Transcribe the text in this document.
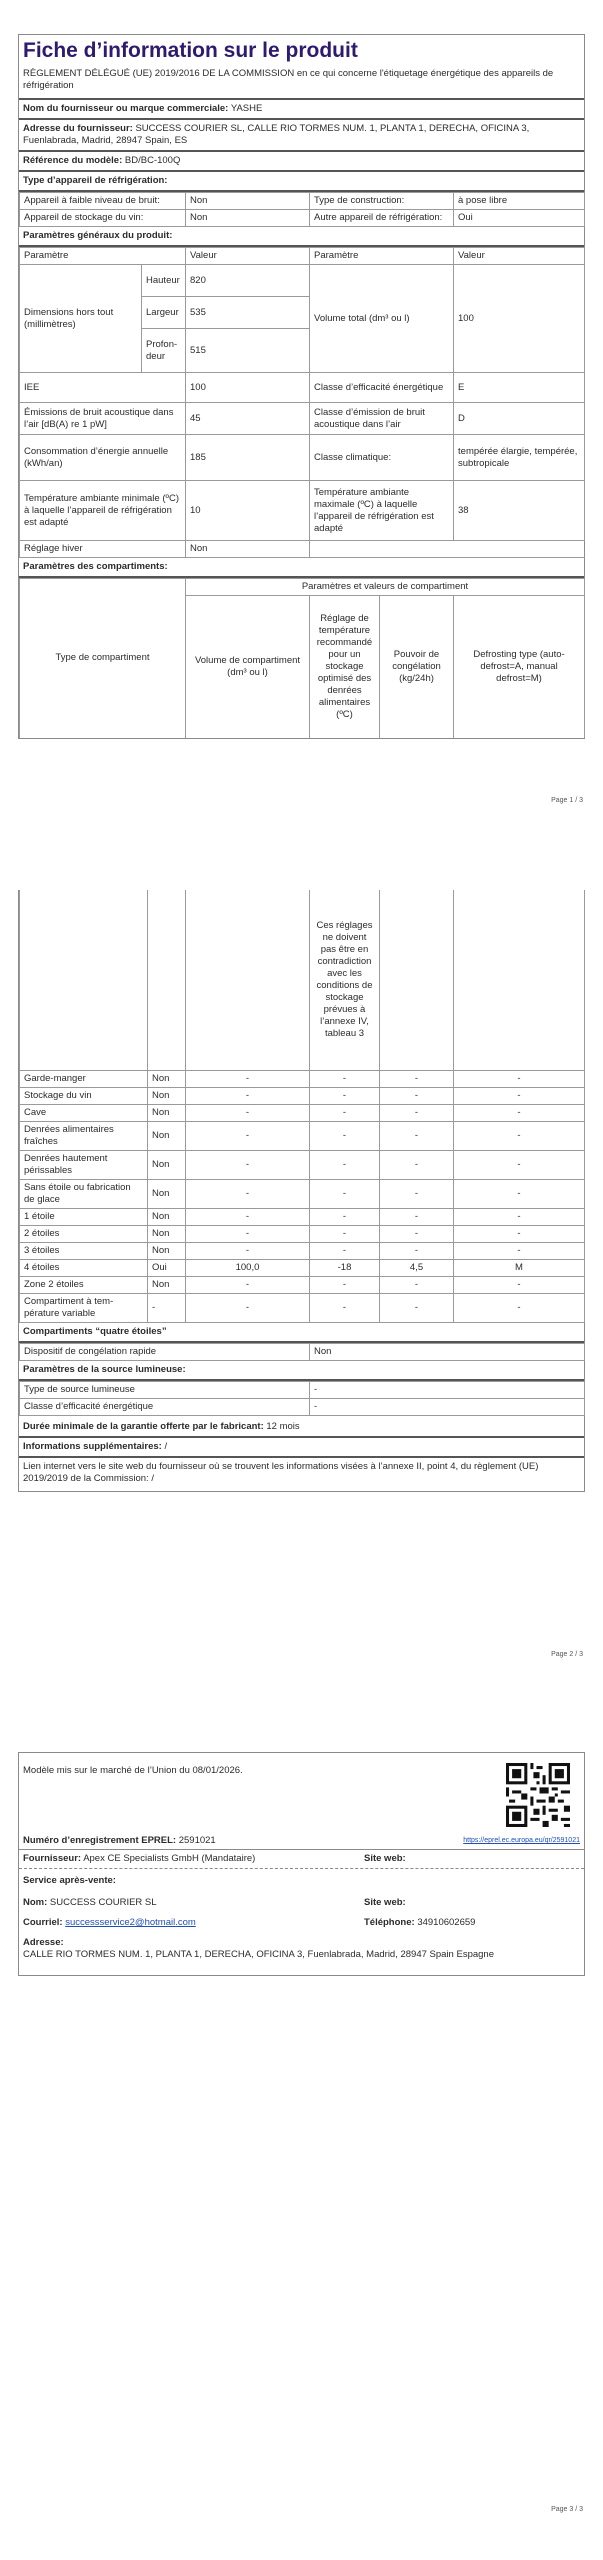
Fiche d’information sur le produit
RÈGLEMENT DÉLÉGUÉ (UE) 2019/2016 DE LA COMMISSION en ce qui concerne l'étiquetage énergétique des appareils de réfrigération
Nom du fournisseur ou marque commerciale: YASHE
Adresse du fournisseur: SUCCESS COURIER SL, CALLE RIO TORMES NUM. 1, PLANTA 1, DERECHA, OFICINA 3, Fuenlabrada, Madrid, 28947 Spain, ES
Référence du modèle: BD/BC-100Q
Type d’appareil de réfrigération:
Appareil à faible niveau de bruit:	Non	Type de construction:	à pose libre
Appareil de stockage du vin:	Non	Autre appareil de réfrigération:	Oui
Paramètres généraux du produit:
Paramètre		Valeur	Paramètre	Valeur
Dimensions hors tout (millimètres)	Hauteur	820	Volume total (dm³ ou l)	100
	Largeur	535		
	Profondeur	515		
IEE		100	Classe d’efficacité énergétique	E
Émissions de bruit acoustique dans l’air [dB(A) re 1 pW]		45	Classe d’émission de bruit acoustique dans l’air	D
Consommation d’énergie annuelle (kWh/an)		185	Classe climatique:	tempérée élargie, tempérée, subtropicale
Température ambiante minimale (ºC) à laquelle l’appareil de réfrigération est adapté		10	Température ambiante maximale (ºC) à laquelle l’appareil de réfrigération est adapté	38
Réglage hiver		Non		
Paramètres des compartiments:
Type de compartiment	Paramètres et valeurs de compartiment			
	Volume de compartiment (dm³ ou l)	Réglage de température recommandé pour un stockage optimisé des denrées alimentaires (ºC)	Pouvoir de congélation (kg/24h)	Defrosting type (auto-defrost=A, manual defrost=M)
Page 1 / 3
			Ces réglages ne doivent pas être en contradiction avec les conditions de stockage prévues à l’annexe IV, tableau 3		
Garde-manger	Non	-	-	-	-
Stockage du vin	Non	-	-	-	-
Cave	Non	-	-	-	-
Denrées alimentaires fraîches	Non	-	-	-	-
Denrées hautement périssables	Non	-	-	-	-
Sans étoile ou fabrication de glace	Non	-	-	-	-
1 étoile	Non	-	-	-	-
2 étoiles	Non	-	-	-	-
3 étoiles	Non	-	-	-	-
4 étoiles	Oui	100,0	-18	4,5	M
Zone 2 étoiles	Non	-	-	-	-
Compartiment à température variable	-	-	-	-	-
Compartiments “quatre étoiles”
Dispositif de congélation rapide	Non
Paramètres de la source lumineuse:
Type de source lumineuse	-
Classe d’efficacité énergétique	-
Durée minimale de la garantie offerte par le fabricant: 12 mois
Informations supplémentaires: /
Lien internet vers le site web du fournisseur où se trouvent les informations visées à l’annexe II, point 4, du règlement (UE) 2019/2019 de la Commission: /
Page 2 / 3
Modèle mis sur le marché de l’Union du 08/01/2026.
Numéro d’enregistrement EPREL: 2591021	https://eprel.ec.europa.eu/qr/2591021
Fournisseur: Apex CE Specialists GmbH (Mandataire)	Site web:
Service après-vente:
Nom: SUCCESS COURIER SL	Site web:
Courriel: successservice2@hotmail.com	Téléphone: 34910602659
Adresse:
CALLE RIO TORMES NUM. 1, PLANTA 1, DERECHA, OFICINA 3, Fuenlabrada, Madrid, 28947 Spain Espagne
Page 3 / 3
